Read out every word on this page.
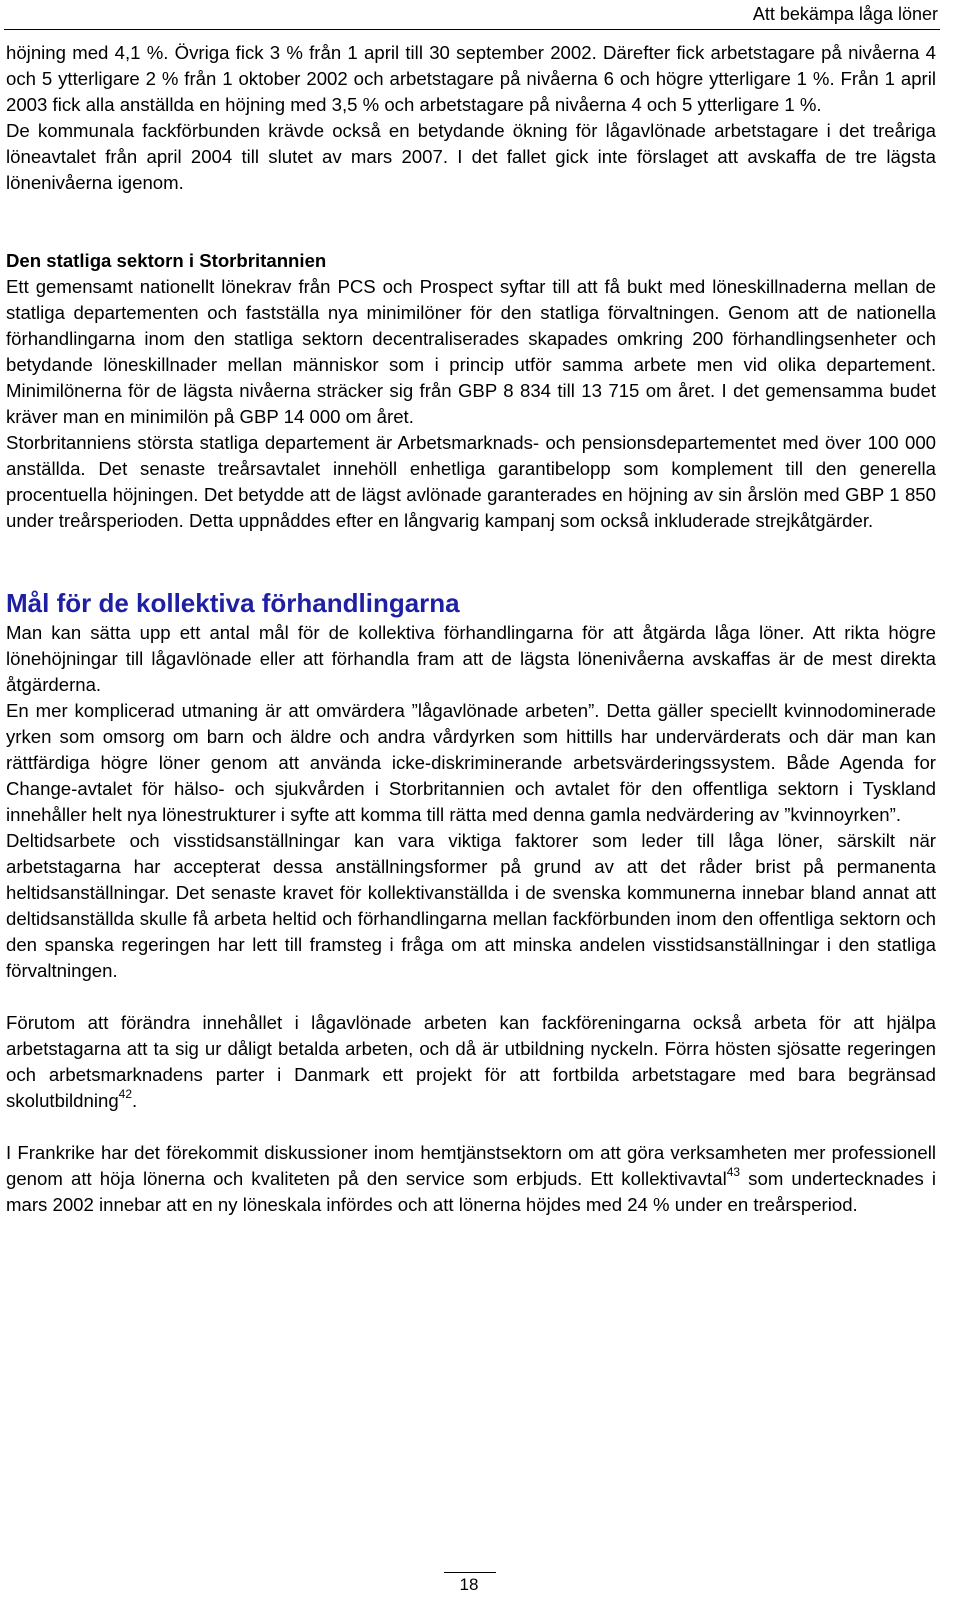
Att bekämpa låga löner

höjning med 4,1 %. Övriga fick 3 % från 1 april till 30 september 2002. Därefter fick arbetstagare på nivåerna 4 och 5 ytterligare 2 % från 1 oktober 2002 och arbetstagare på nivåerna 6 och högre ytterligare 1 %. Från 1 april 2003 fick alla anställda en höjning med 3,5 % och arbetstagare på nivåerna 4 och 5 ytterligare 1 %.

De kommunala fackförbunden krävde också en betydande ökning för lågavlönade arbetstagare i det treåriga löneavtalet från april 2004 till slutet av mars 2007. I det fallet gick inte förslaget att avskaffa de tre lägsta lönenivåerna igenom.

Den statliga sektorn i Storbritannien

Ett gemensamt nationellt lönekrav från PCS och Prospect syftar till att få bukt med löneskillnaderna mellan de statliga departementen och fastställa nya minimilöner för den statliga förvaltningen. Genom att de nationella förhandlingarna inom den statliga sektorn decentraliserades skapades omkring 200 förhandlingsenheter och betydande löneskillnader mellan människor som i princip utför samma arbete men vid olika departement. Minimilönerna för de lägsta nivåerna sträcker sig från GBP 8 834 till 13 715 om året. I det gemensamma budet kräver man en minimilön på GBP 14 000 om året.

Storbritanniens största statliga departement är Arbetsmarknads- och pensionsdepartementet med över 100 000 anställda. Det senaste treårsavtalet innehöll enhetliga garantibelopp som komplement till den generella procentuella höjningen. Det betydde att de lägst avlönade garanterades en höjning av sin årslön med GBP 1 850 under treårsperioden. Detta uppnåddes efter en långvarig kampanj som också inkluderade strejkåtgärder.

Mål för de kollektiva förhandlingarna

Man kan sätta upp ett antal mål för de kollektiva förhandlingarna för att åtgärda låga löner. Att rikta högre lönehöjningar till lågavlönade eller att förhandla fram att de lägsta lönenivåerna avskaffas är de mest direkta åtgärderna.

En mer komplicerad utmaning är att omvärdera ”lågavlönade arbeten”. Detta gäller speciellt kvinnodominerade yrken som omsorg om barn och äldre och andra vårdyrken som hittills har undervärderats och där man kan rättfärdiga högre löner genom att använda icke-diskriminerande arbetsvärderingssystem. Både Agenda for Change-avtalet för hälso- och sjukvården i Storbritannien och avtalet för den offentliga sektorn i Tyskland innehåller helt nya lönestrukturer i syfte att komma till rätta med denna gamla nedvärdering av ”kvinnoyrken”.

Deltidsarbete och visstidsanställningar kan vara viktiga faktorer som leder till låga löner, särskilt när arbetstagarna har accepterat dessa anställningsformer på grund av att det råder brist på permanenta heltidsanställningar. Det senaste kravet för kollektivanställda i de svenska kommunerna innebar bland annat att deltidsanställda skulle få arbeta heltid och förhandlingarna mellan fackförbunden inom den offentliga sektorn och den spanska regeringen har lett till framsteg i fråga om att minska andelen visstidsanställningar i den statliga förvaltningen.

Förutom att förändra innehållet i lågavlönade arbeten kan fackföreningarna också arbeta för att hjälpa arbetstagarna att ta sig ur dåligt betalda arbeten, och då är utbildning nyckeln. Förra hösten sjösatte regeringen och arbetsmarknadens parter i Danmark ett projekt för att fortbilda arbetstagare med bara begränsad skolutbildning$^{42}$.

I Frankrike har det förekommit diskussioner inom hemtjänstsektorn om att göra verksamheten mer professionell genom att höja lönerna och kvaliteten på den service som erbjuds. Ett kollektivavtal$^{43}$ som undertecknades i mars 2002 innebar att en ny löneskala infördes och att lönerna höjdes med 24 % under en treårsperiod.

18
